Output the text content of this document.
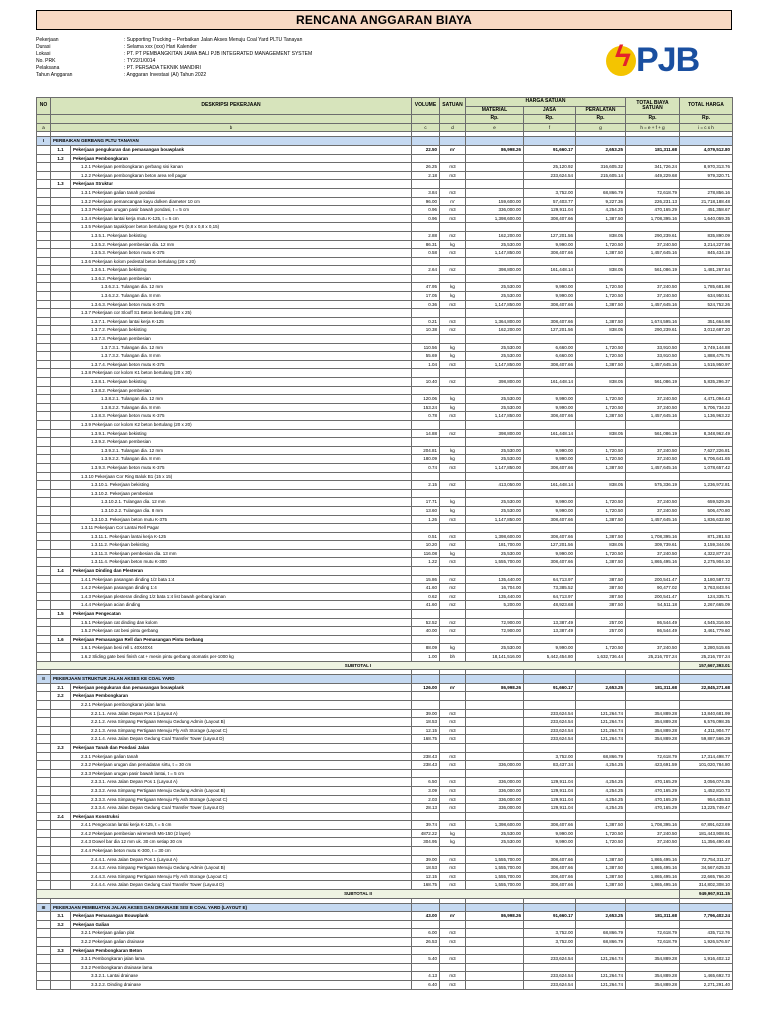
RENCANA ANGGARAN BIAYA
Pekerjaan	: Supporting Trucking – Perbaikan Jalan Akses Menuju Coal Yard PLTU Tanayan
Durasi	: Selama xxx (xxx) Hari Kalender
Lokasi	: PT. PT PEMBANGKITAN JAWA BALI PJB INTEGRATED MANAGEMENT SYSTEM
No. PRK	: TY22/1/0014
Pelaksana	: PT. PERSADA TEKNIK MANDIRI
Tahun Anggaran	: Anggaran Investasi (AI) Tahun 2022
ϟ PJB
NO	DESKRIPSI PEKERJAAN		VOLUME	SATUAN	HARGA SATUAN			TOTAL BIAYA SATUAN	TOTAL HARGA
					MATERIAL	JASA	PERALATAN		
					Rp.	Rp.	Rp.	Rp.	Rp.
a	b		c	d	e	f	g	h = e + f + g	i = c x h

I	PERBAIKAN GERBANG PLTU TANAYAN								
	1.1	Pekerjaan pengukuran dan pemasangan bouwplank	22.50	m'	86,998.26	91,660.17	2,653.25	181,311.68	4,079,512.80
	1.2	Pekerjaan Pembongkaran							
		1.2.1 Pekerjaan pembongkaran gerbang sisi kanan	26.25	m3		25,120.92	316,605.32	341,726.24	8,970,313.76
		1.2.2 Pekerjaan pembongkaran beton area rell pagar	2.18	m3		233,624.54	215,605.14	449,229.68	979,320.71
	1.3	Pekerjaan Struktur							
		1.3.1 Pekerjaan galian tanah pondasi	3.84	m3		3,752.00	68,866.79	72,618.79	278,856.16
		1.3.2 Pekerjaan pemancangan kayu dolken diameter 10 cm	96.00	m'	159,600.00	57,403.77	9,227.36	226,231.13	21,718,188.48
		1.3.3 Pekerjaan urugan pasir bawah pondasi, t = 5 cm	0.96	m3	336,000.00	129,911.04	4,254.25	470,165.29	451,358.67
		1.3.4 Pekerjaan lantai kerja mutu K-125, t = 5 cm	0.96	m3	1,398,600.00	308,407.66	1,387.50	1,708,395.16	1,640,059.35
		1.3.5 Pekerjaan tapak/poer beton bertulang type P1 (0,8 x 0,8 x 0,15)							
		1.3.5.1. Pekerjaan bekisting	2.88	m2	162,200.00	127,201.56	838.05	290,239.61	835,890.09
		1.3.5.2. Pekerjaan pembesian dia. 12 mm	86.31	kg	25,530.00	9,990.00	1,720.50	37,240.50	3,214,227.56
		1.3.5.3. Pekerjaan beton mutu K-375	0.58	m3	1,147,850.00	308,407.66	1,387.50	1,457,645.16	845,434.19
		1.3.6 Pekerjaan kolom pedestal beton bertulang (20 x 20)							
		1.3.6.1. Pekerjaan bekisting	2.64	m2	398,800.00	161,448.14	838.05	561,086.19	1,481,267.54
		1.3.6.2. Pekerjaan pembesian							
		1.3.6.2.1. Tulangan dia. 12 mm	47.95	kg	25,530.00	9,990.00	1,720.50	37,240.50	1,785,681.98
		1.3.6.2.2. Tulangan dia. 8 mm	17.05	kg	25,530.00	9,990.00	1,720.50	37,240.50	634,950.51
		1.3.6.3. Pekerjaan beton mutu K-375	0.36	m3	1,147,850.00	308,407.66	1,387.50	1,457,645.16	524,752.26
		1.3.7 Pekerjaan cor Slooff S1 Beton bertulang (20 x 25)							
		1.3.7.1. Pekerjaan lantai kerja K-125	0.21	m3	1,364,800.00	308,407.66	1,387.50	1,674,595.16	351,664.98
		1.3.7.2. Pekerjaan bekisting	10.38	m2	162,200.00	127,201.56	838.05	290,239.61	3,012,687.20
		1.3.7.3. Pekerjaan pembesian							
		1.3.7.3.1. Tulangan dia. 12 mm	110.56	kg	25,530.00	6,660.00	1,720.50	33,910.50	3,749,144.88
		1.3.7.3.2. Tulangan dia. 8 mm	55.69	kg	25,530.00	6,660.00	1,720.50	33,910.50	1,888,475.75
		1.3.7.4. Pekerjaan beton mutu K-375	1.04	m3	1,147,850.00	308,407.66	1,387.50	1,457,645.16	1,515,950.97
		1.3.8 Pekerjaan cor kolom K1 beton bertulang (20 x 30)							
		1.3.8.1. Pekerjaan bekisting	10.40	m2	398,800.00	161,448.14	838.05	561,086.19	5,835,296.37
		1.3.8.2. Pekerjaan pembesian							
		1.3.8.2.1. Tulangan dia. 12 mm	120.06	kg	25,530.00	9,990.00	1,720.50	37,240.50	4,471,094.43
		1.3.8.2.2. Tulangan dia. 8 mm	153.24	kg	25,530.00	9,990.00	1,720.50	37,240.50	5,706,734.22
		1.3.8.3. Pekerjaan beton mutu K-375	0.78	m3	1,147,850.00	308,407.66	1,387.50	1,457,645.16	1,136,963.22
		1.3.9 Pekerjaan cor kolom K2 beton bertulang (20 x 20)							
		1.3.9.1. Pekerjaan bekisting	14.88	m2	398,800.00	161,448.14	838.05	561,086.19	8,348,962.49
		1.3.9.2. Pekerjaan pembesian							
		1.3.9.2.1. Tulangan dia. 12 mm	204.81	kg	25,530.00	9,990.00	1,720.50	37,240.50	7,627,226.81
		1.3.9.2.2. Tulangan dia. 8 mm	180.09	kg	25,530.00	9,990.00	1,720.50	37,240.50	6,706,641.65
		1.3.9.3. Pekerjaan beton mutu K-375	0.74	m3	1,147,850.00	308,407.66	1,387.50	1,457,645.16	1,078,657.42
		1.3.10 Pekerjaan Cor Ring Balok B1 (15 x 15)							
		1.3.10.1. Pekerjaan bekisting	2.15	m2	413,050.00	161,448.14	838.05	575,336.19	1,236,972.81
		1.3.10.2. Pekerjaan pembesian							
		1.3.10.2.1. Tulangan dia. 12 mm	17.71	kg	25,530.00	9,990.00	1,720.50	37,240.50	659,529.26
		1.3.10.2.2. Tulangan dia. 8 mm	13.60	kg	25,530.00	9,990.00	1,720.50	37,240.50	506,470.80
		1.3.10.3. Pekerjaan beton mutu K-375	1.26	m3	1,147,850.00	308,407.66	1,387.50	1,457,645.16	1,836,632.90
		1.3.11 Pekerjaan Cor Lantai Rell Pagar							
		1.3.11.1. Pekerjaan lantai kerja K-125	0.51	m3	1,398,600.00	308,407.66	1,387.50	1,708,395.16	871,281.53
		1.3.11.2. Pekerjaan bekisting	10.20	m2	181,700.00	127,201.56	838.05	309,739.61	3,159,344.06
		1.3.11.3. Pekerjaan pembesian dia. 13 mm	116.08	kg	25,530.00	9,990.00	1,720.50	37,240.50	4,322,877.24
		1.3.11.4. Pekerjaan beton mutu K-300	1.22	m3	1,555,700.00	308,407.66	1,387.50	1,865,495.16	2,275,904.10
	1.4	Pekerjaan Dinding dan Plesteran							
		1.4.1 Pekerjaan pasangan dinding 1/2 bata 1:4	15.86	m2	135,440.00	64,713.97	387.50	200,541.47	3,180,587.72
		1.4.2 Pekerjaan pasangan dinding 1:4	41.60	m2	16,704.00	73,385.52	387.50	90,477.02	3,763,843.94
		1.4.3 Pekerjaan plesteran dinding 1/2 bata 1:4 list bawah gerbang kanan	0.62	m2	135,440.00	64,713.97	387.50	200,541.47	124,335.71
		1.4.4 Pekerjaan acian dinding	41.60	m2	5,200.00	48,923.68	387.50	54,511.18	2,267,665.09
	1.5	Pekerjaan Pengecatan							
		1.5.1 Pekerjaan cat dinding dan kolom	52.52	m2	72,900.00	13,387.49	257.00	86,544.49	4,545,316.50
		1.5.2 Pekerjaan cat besi pintu gerbang	40.00	m2	72,900.00	13,387.49	257.00	86,544.49	3,461,779.60
	1.6	Pekerjaan Pemasangan Rell dan Pemasangan Pintu Gerbang							
		1.6.1 Pekerjaan besi rell L 40X40X4	88.09	kg	25,530.00	9,990.00	1,720.50	37,240.50	3,280,515.65
		1.6.2 Sliding gate besi finish cat + mesin pintu gerbang otomatis per-1000 kg	1.00	bh	18,141,516.00	5,442,454.80	1,632,736.44	25,216,707.24	25,216,707.24
SUBTOTAL I									157,667,393.01

II	PEKERJAAN STRUKTUR JALAN AKSES KE COAL YARD								
	2.1	Pekerjaan pengukuran dan pemasangan bouwplank	126.00	m'	86,998.26	91,660.17	2,653.25	181,311.68	22,845,271.68
	2.2	Pekerjaan Pembongkaran							
		2.2.1 Pekerjaan pembongkaran jalan lama							
		2.2.1.1. Area Jalan Depan Pos 1 (Layout A)	39.00	m3		233,624.54	121,264.74	354,889.28	13,840,681.99
		2.2.1.2. Area Simpang Pertigaan Menuju Gedung Admin (Layout B)	18.53	m3		233,624.54	121,264.74	354,889.28	6,576,098.35
		2.2.1.3. Area Simpang Pertigaan Menuju Fly Ash Storage (Layout C)	12.15	m3		233,624.54	121,264.74	354,889.28	4,311,904.77
		2.2.1.4. Area Jalan Depan Gedung Coal Transfer Tower (Layout D)	168.75	m3		233,624.54	121,264.74	354,889.28	59,887,566.29
	2.3	Pekerjaan Tanah dan Pondasi Jalan							
		2.3.1 Pekerjaan galian tanah	238.43	m3		3,752.00	68,866.79	72,618.79	17,314,498.77
		2.3.2 Pekerjaan urugan dan pemadatan sirtu, t = 30 cm	238.43	m3	336,000.00	83,437.34	4,254.25	423,691.59	101,020,784.80
		2.3.3 Pekerjaan urugan pasir bawah lantai, t = 5 cm							
		2.3.3.1. Area Jalan Depan Pos 1 (Layout A)	6.50	m3	336,000.00	129,911.04	4,254.25	470,165.29	3,056,074.35
		2.3.3.2. Area Simpang Pertigaan Menuju Gedung Admin (Layout B)	3.09	m3	336,000.00	129,911.04	4,254.25	470,165.29	1,452,810.73
		2.3.3.3. Area Simpang Pertigaan Menuju Fly Ash Storage (Layout C)	2.03	m3	336,000.00	129,911.04	4,254.25	470,165.29	954,435.53
		2.3.3.4. Area Jalan Depan Gedung Coal Transfer Tower (Layout D)	28.13	m3	336,000.00	129,911.04	4,254.25	470,165.29	13,225,749.47
	2.4	Pekerjaan Konstruksi							
		2.4.1 Pengecoran lantai kerja K-125, t = 5 cm	39.74	m3	1,398,600.00	308,407.66	1,387.50	1,708,395.16	67,891,623.69
		2.4.2 Pekerjaan pembesian wiremesh M6-150 (2 layer)	4872.22	kg	25,530.00	9,990.00	1,720.50	37,240.50	181,443,908.91
		2.4.3 Dowel bar dia 12 mm uk. 30 cm setiap 30 cm	304.95	kg	25,530.00	9,990.00	1,720.50	37,240.50	11,356,490.48
		2.4.4 Pekerjaan beton mutu K-300, t = 30 cm							
		2.4.4.1. Area Jalan Depan Pos 1 (Layout A)	39.00	m3	1,555,700.00	308,407.66	1,387.50	1,865,495.16	72,754,311.27
		2.4.4.2. Area Simpang Pertigaan Menuju Gedung Admin (Layout B)	18.53	m3	1,555,700.00	308,407.66	1,387.50	1,865,495.16	34,567,625.33
		2.4.4.3. Area Simpang Pertigaan Menuju Fly Ash Storage (Layout C)	12.15	m3	1,555,700.00	308,407.66	1,387.50	1,865,495.16	22,665,766.20
		2.4.4.4. Area Jalan Depan Gedung Coal Transfer Tower (Layout D)	168.75	m3	1,555,700.00	308,407.66	1,387.50	1,865,495.16	314,802,308.10
SUBTOTAL II									949,967,911.15

III	PEKERJAAN PEMBUATAN JALAN AKSES DAN DRAINASE SISI B COAL YARD (LAYOUT E)								
	3.1	Pekerjaan Pemasangan Bouwplank	43.00	m'	86,998.26	91,660.17	2,653.25	181,311.68	7,796,402.24
	3.2	Pekerjaan Galian							
		3.2.1 Pekerjaan galian plat	6.00	m3		3,752.00	68,866.79	72,618.79	435,712.76
		3.2.2 Pekerjaan galian drainase	26.53	m3		3,752.00	68,866.79	72,618.79	1,926,576.57
	3.3	Pekerjaan Pembongkaran Beton							
		3.3.1 Pembongkaran jalan lama	5.40	m3		233,624.54	121,264.74	354,889.28	1,916,402.12
		3.3.2 Pembongkaran drainase lama							
		3.3.2.1. Lantai drainase	4.13	m3		233,624.54	121,264.74	354,889.28	1,465,692.73
		3.3.2.2. Dinding drainase	6.40	m3		233,624.54	121,264.74	354,889.28	2,271,291.40
